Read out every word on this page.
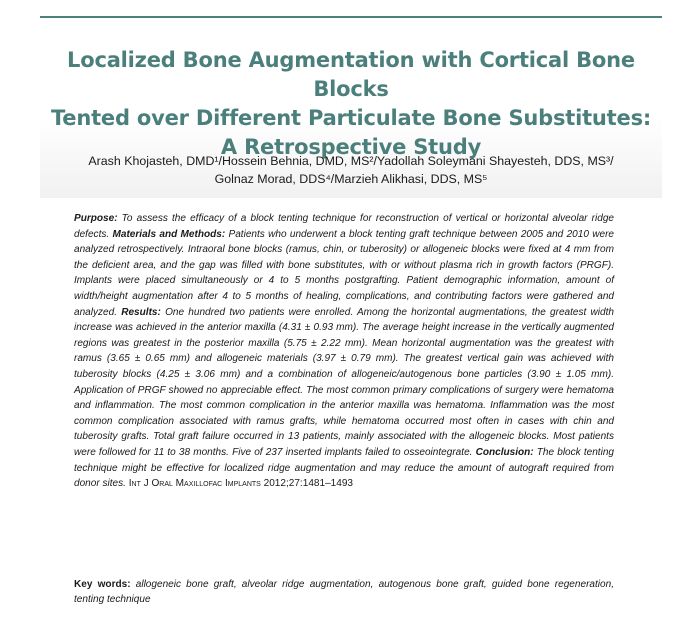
Localized Bone Augmentation with Cortical Bone Blocks
Tented over Different Particulate Bone Substitutes:
A Retrospective Study
Arash Khojasteh, DMD¹/Hossein Behnia, DMD, MS²/Yadollah Soleymani Shayesteh, DDS, MS³/
Golnaz Morad, DDS⁴/Marzieh Alikhasi, DDS, MS⁵
Purpose: To assess the efficacy of a block tenting technique for reconstruction of vertical or horizontal alveolar ridge defects. Materials and Methods: Patients who underwent a block tenting graft technique between 2005 and 2010 were analyzed retrospectively. Intraoral bone blocks (ramus, chin, or tuberosity) or allogeneic blocks were fixed at 4 mm from the deficient area, and the gap was filled with bone substitutes, with or without plasma rich in growth factors (PRGF). Implants were placed simultaneously or 4 to 5 months postgrafting. Patient demographic information, amount of width/height augmentation after 4 to 5 months of healing, complications, and contributing factors were gathered and analyzed. Results: One hundred two patients were enrolled. Among the horizontal augmentations, the greatest width increase was achieved in the anterior maxilla (4.31 ± 0.93 mm). The average height increase in the vertically augmented regions was greatest in the posterior maxilla (5.75 ± 2.22 mm). Mean horizontal augmentation was the greatest with ramus (3.65 ± 0.65 mm) and allogeneic materials (3.97 ± 0.79 mm). The greatest vertical gain was achieved with tuberosity blocks (4.25 ± 3.06 mm) and a combination of allogeneic/autogenous bone particles (3.90 ± 1.05 mm). Application of PRGF showed no appreciable effect. The most common primary complications of surgery were hematoma and inflammation. The most common complication in the anterior maxilla was hematoma. Inflammation was the most common complication associated with ramus grafts, while hematoma occurred most often in cases with chin and tuberosity grafts. Total graft failure occurred in 13 patients, mainly associated with the allogeneic blocks. Most patients were followed for 11 to 38 months. Five of 237 inserted implants failed to osseointegrate. Conclusion: The block tenting technique might be effective for localized ridge augmentation and may reduce the amount of autograft required from donor sites. Int J Oral Maxillofac Implants 2012;27:1481–1493
Key words: allogeneic bone graft, alveolar ridge augmentation, autogenous bone graft, guided bone regeneration, tenting technique
